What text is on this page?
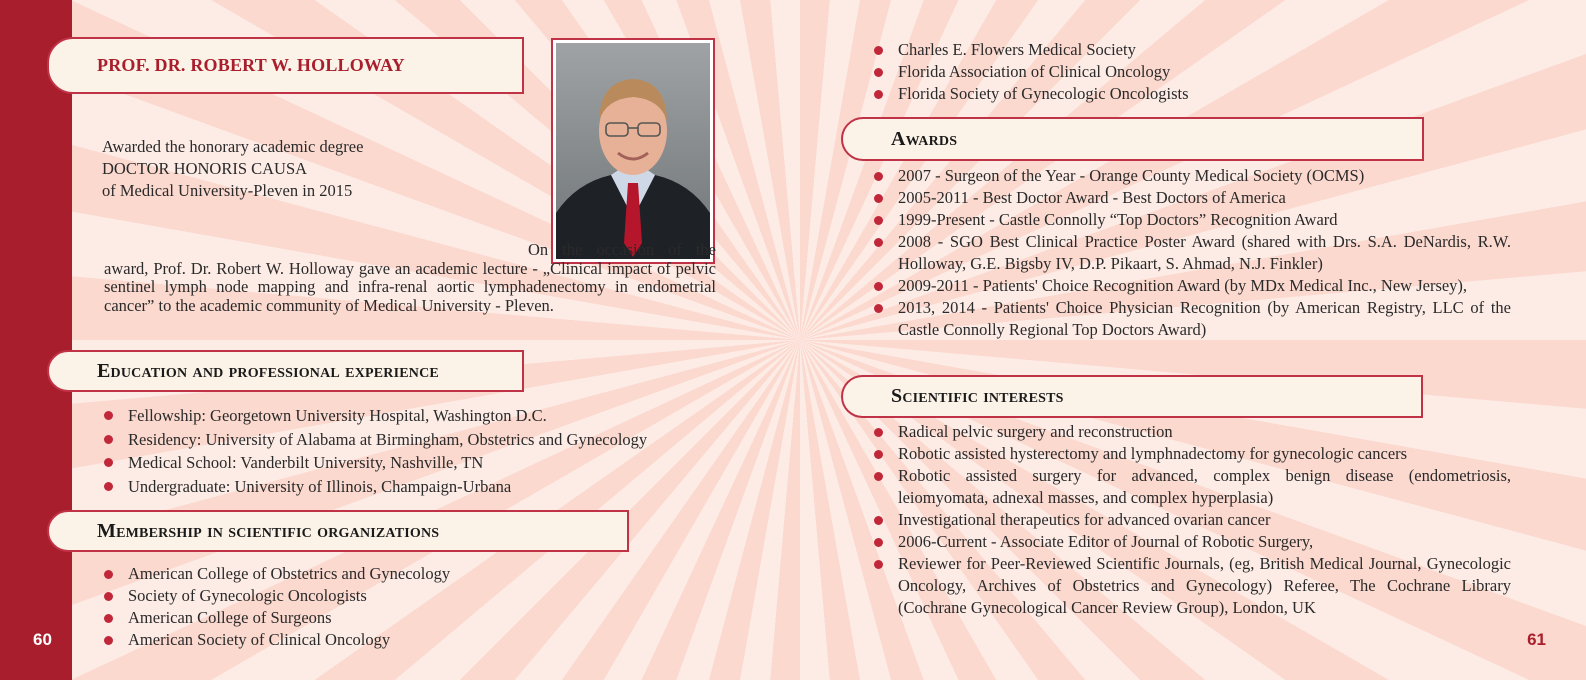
60	61
PROF. DR. ROBERT W. HOLLOWAY
Awarded the honorary academic degree
DOCTOR HONORIS CAUSA
of Medical University-Pleven in 2015
On the occasion of the award, Prof. Dr. Robert W. Holloway gave an academic lecture - „Clinical impact of pelvic sentinel lymph node mapping and infra-renal aortic lymphadenectomy in endometrial cancer” to the academic community of Medical University - Pleven.
Education and professional experience
Fellowship: Georgetown University Hospital, Washington D.C.
Residency: University of Alabama at Birmingham, Obstetrics and Gynecology
Medical School: Vanderbilt University, Nashville, TN
Undergraduate: University of Illinois, Champaign-Urbana
Membership in scientific organizations
American College of Obstetrics and Gynecology
Society of Gynecologic Oncologists
American College of Surgeons
American Society of Clinical Oncology
Charles E. Flowers Medical Society
Florida Association of Clinical Oncology
Florida Society of Gynecologic Oncologists
Awards
2007 - Surgeon of the Year - Orange County Medical Society (OCMS)
2005-2011 - Best Doctor Award - Best Doctors of America
1999-Present - Castle Connolly “Top Doctors” Recognition Award
2008 - SGO Best Clinical Practice Poster Award (shared with Drs. S.A. DeNardis, R.W. Holloway, G.E. Bigsby IV, D.P. Pikaart, S. Ahmad, N.J. Finkler)
2009-2011 - Patients' Choice Recognition Award (by MDx Medical Inc., New Jersey),
2013, 2014 - Patients' Choice Physician Recognition (by American Registry, LLC of the Castle Connolly Regional Top Doctors Award)
Scientific interests
Radical pelvic surgery and reconstruction
Robotic assisted hysterectomy and lymphnadectomy for gynecologic cancers
Robotic assisted surgery for advanced, complex benign disease (endometriosis, leiomyomata, adnexal masses, and complex hyperplasia)
Investigational therapeutics for advanced ovarian cancer
2006-Current - Associate Editor of Journal of Robotic Surgery,
Reviewer for Peer-Reviewed Scientific Journals, (eg, British Medical Journal, Gynecologic Oncology, Archives of Obstetrics and Gynecology) Referee, The Cochrane Library (Cochrane Gynecological Cancer Review Group), London, UK
